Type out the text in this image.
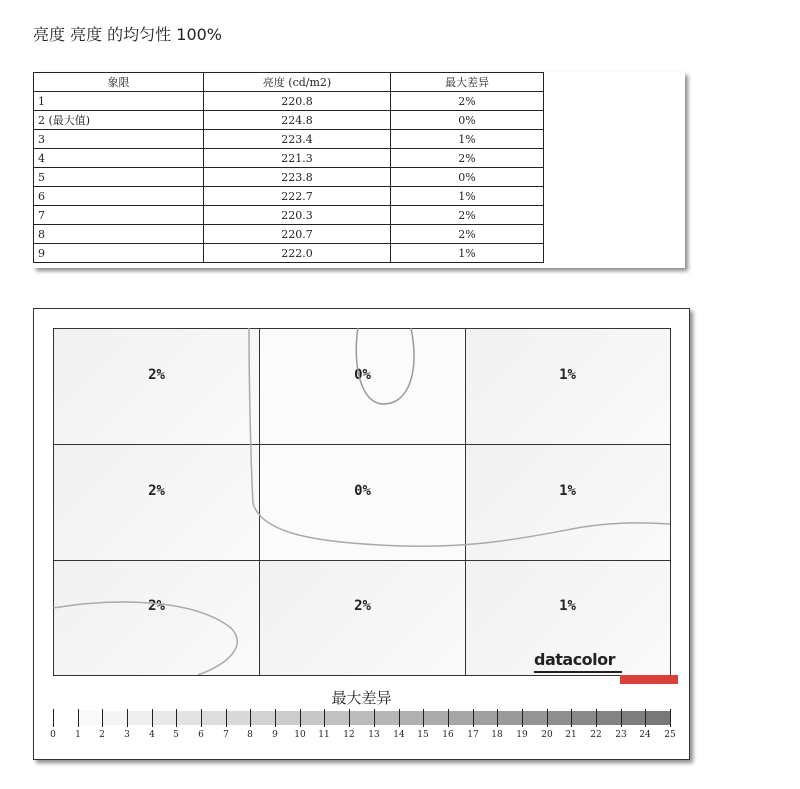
亮度 亮度 的均匀性 100%
象限	亮度 (cd/m2)	最大差异
1	220.8	2%
2 (最大值)	224.8	0%
3	223.4	1%
4	221.3	2%
5	223.8	0%
6	222.7	1%
7	220.3	2%
8	220.7	2%
9	222.0	1%
1%
2%
2%
1%
0%
2%
1%
0%
2%
datacolor
最大差异
0 1 2 3 4 5 6 7 8 9 10 11 12 13 14 15 16 17 18 19 20 21 22 23 24 25
